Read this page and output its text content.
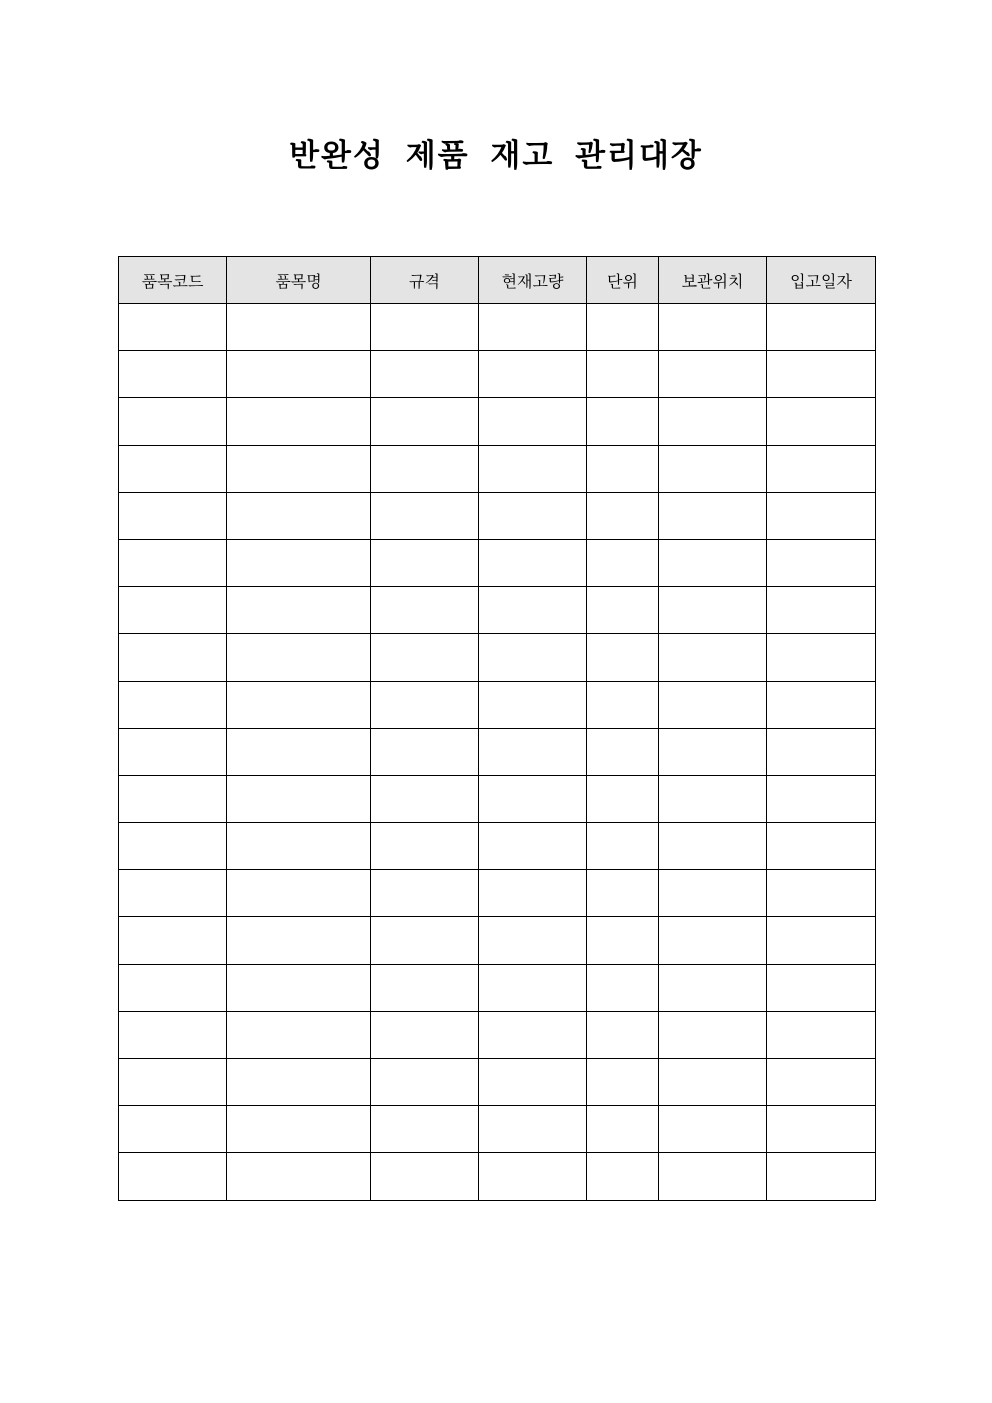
반완성 제품 재고 관리대장
품목코드	품목명	규격	현재고량	단위	보관위치	입고일자
